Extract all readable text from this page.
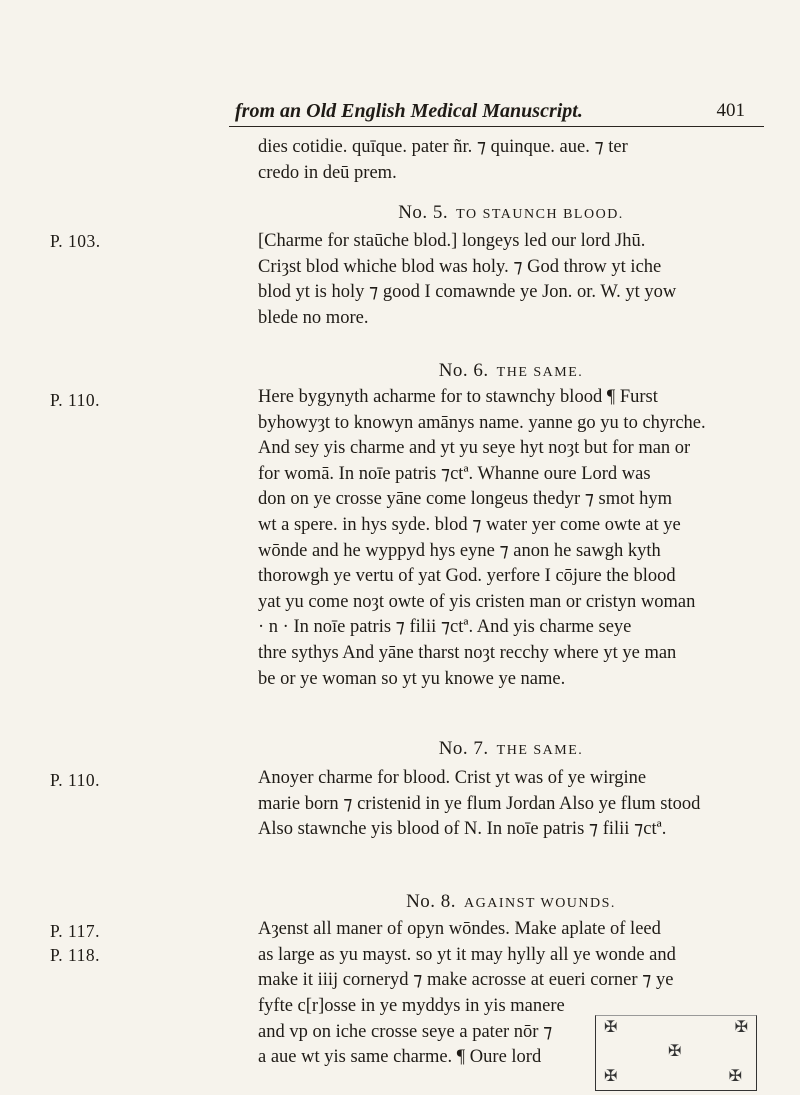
from an Old English Medical Manuscript.	401
P. 103.
P. 110.
P. 110.
P. 117.
P. 118.
dies cotidie. quīque. pater ñr. ⁊ quinque. aue. ⁊ ter
credo in deū prem.
No. 5. TO STAUNCH BLOOD.
[Charme for staūche blod.] longeys led our lord Jhū.
Criȝst blod whiche blod was holy. ⁊ God throw yt iche
blod yt is holy ⁊ good I comawnde ye Jon. or. W. yt yow
blede no more.
No. 6. THE SAME.
Here bygynyth acharme for to stawnchy blood ¶ Furst
byhowyȝt to knowyn amānys name. yanne go yu to chyrche.
And sey yis charme and yt yu seye hyt noȝt but for man or
for womā. In noīe patris ⁊ctª. Whanne oure Lord was
don on ye crosse yāne come longeus thedyr ⁊ smot hym
wt a spere. in hys syde. blod ⁊ water yer come owte at ye
wōnde and he wyppyd hys eyne ⁊ anon he sawgh kyth
thorowgh ye vertu of yat God. yerfore I cōjure the blood
yat yu come noȝt owte of yis cristen man or cristyn woman
· n · In noīe patris ⁊ filii ⁊ctª. And yis charme seye
thre sythys And yāne tharst noȝt recchy where yt ye man
be or ye woman so yt yu knowe ye name.
No. 7. THE SAME.
Anoyer charme for blood. Crist yt was of ye wirgine
marie born ⁊ cristenid in ye flum Jordan Also ye flum stood
Also stawnche yis blood of N. In noīe patris ⁊ filii ⁊ctª.
No. 8. AGAINST WOUNDS.
Aȝenst all maner of opyn wōndes. Make aplate of leed
as large as yu mayst. so yt it may hylly all ye wonde and
make it iiij corneryd ⁊ make acrosse at eueri corner ⁊ ye
fyfte c[r]osse in ye myddys in yis manere
and vp on iche crosse seye a pater nōr ⁊
a aue wt yis same charme. ¶ Oure lord
✠	✠
✠
✠	✠
